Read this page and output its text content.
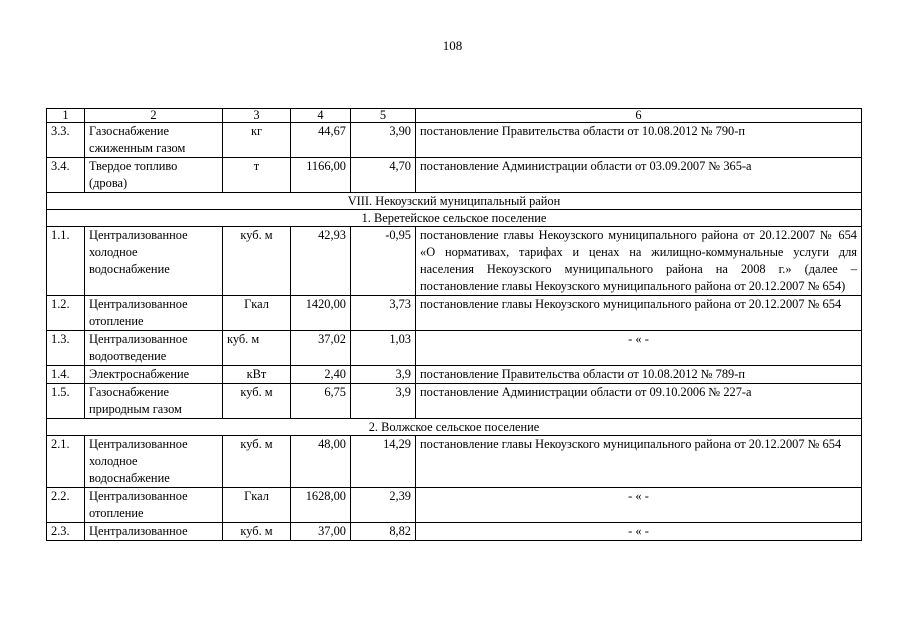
108
1	2	3	4	5	6
3.3.	Газоснабжение сжиженным газом	кг	44,67	3,90	постановление Правительства области от 10.08.2012 № 790-п
3.4.	Твердое топливо (дрова)	т	1166,00	4,70	постановление Администрации области от 03.09.2007 № 365-а
VIII. Некоузский муниципальный район					
1. Веретейское сельское поселение					
1.1.	Централизованное холодное водоснабжение	куб. м	42,93	-0,95	постановление главы Некоузского муниципального района от 20.12.2007 № 654 «О нормативах, тарифах и ценах на жилищно-коммунальные услуги для населения Некоузского муниципального района на 2008 г.» (далее – постановление главы Некоузского муниципального района от 20.12.2007 № 654)
1.2.	Централизованное отопление	Гкал	1420,00	3,73	постановление главы Некоузского муниципального района от 20.12.2007 № 654
1.3.	Централизованное водоотведение	куб. м	37,02	1,03	- « -
1.4.	Электроснабжение	кВт	2,40	3,9	постановление Правительства области от 10.08.2012 № 789-п
1.5.	Газоснабжение природным газом	куб. м	6,75	3,9	постановление Администрации области от 09.10.2006 № 227-а
2. Волжское сельское поселение					
2.1.	Централизованное холодное водоснабжение	куб. м	48,00	14,29	постановление главы Некоузского муниципального района от 20.12.2007 № 654
2.2.	Централизованное отопление	Гкал	1628,00	2,39	- « -
2.3.	Централизованное	куб. м	37,00	8,82	- « -
